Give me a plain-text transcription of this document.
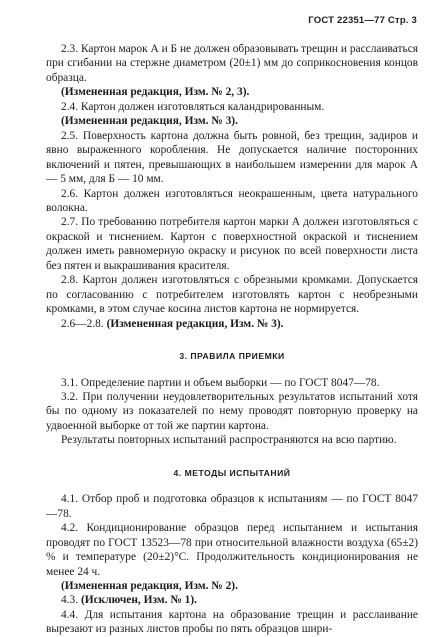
ГОСТ 22351—77 Стр. 3

2.3. Картон марок А и Б не должен образовывать трещин и расслаиваться при сгибании на стержне диаметром (20±1) мм до соприкосновения концов образца.

(Измененная редакция, Изм. № 2, 3).

2.4. Картон должен изготовляться каландрированным.

(Измененная редакция, Изм. № 3).

2.5. Поверхность картона должна быть ровной, без трещин, задиров и явно выраженного коробления. Не допускается наличие посторонних включений и пятен, превышающих в наибольшем измерении для марок А — 5 мм, для Б — 10 мм.

2.6. Картон должен изготовляться неокрашенным, цвета натурального волокна.

2.7. По требованию потребителя картон марки А должен изготовляться с окраской и тиснением. Картон с поверхностной окраской и тиснением должен иметь равномерную окраску и рисунок по всей поверхности листа без пятен и выкрашивания красителя.

2.8. Картон должен изготовляться с обрезными кромками. Допускается по согласованию с потребителем изготовлять картон с необрезными кромками, в этом случае косина листов картона не нормируется.

2.6—2.8. (Измененная редакция, Изм. № 3).

3. ПРАВИЛА ПРИЕМКИ

3.1. Определение партии и объем выборки — по ГОСТ 8047—78.

3.2. При получении неудовлетворительных результатов испытаний хотя бы по одному из показателей по нему проводят повторную проверку на удвоенной выборке от той же партии картона.

Результаты повторных испытаний распространяются на всю партию.

4. МЕТОДЫ ИСПЫТАНИЙ

4.1. Отбор проб и подготовка образцов к испытаниям — по ГОСТ 8047—78.

4.2. Кондиционирование образцов перед испытанием и испытания проводят по ГОСТ 13523—78 при относительной влажности воздуха (65±2) % и температуре (20±2)°С. Продолжительность кондиционирования не менее 24 ч.

(Измененная редакция, Изм. № 2).

4.3. (Исключен, Изм. № 1).

4.4. Для испытания картона на образование трещин и расслаивание вырезают из разных листов пробы по пять образцов шири-
